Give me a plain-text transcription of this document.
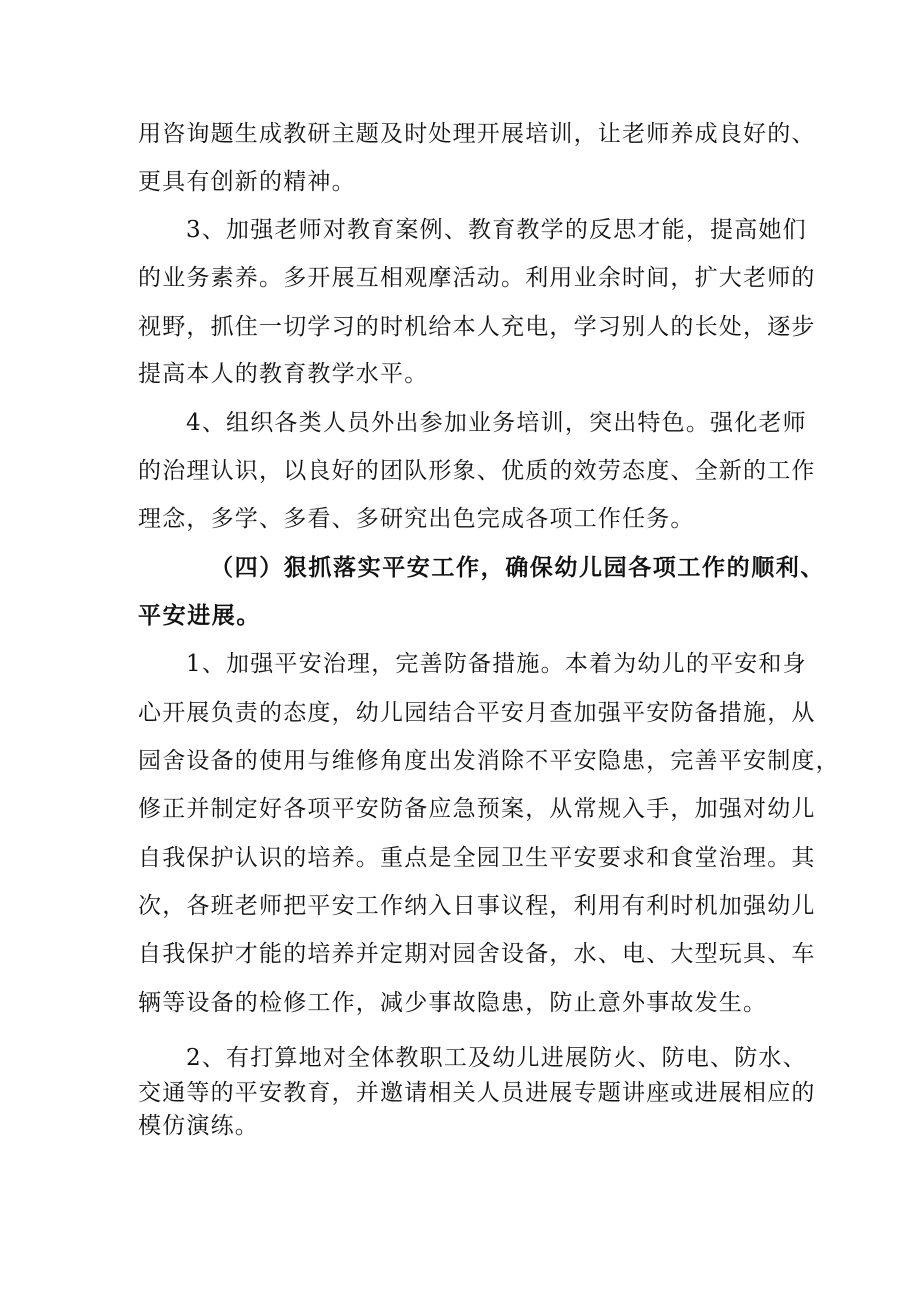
用咨询题生成教研主题及时处理开展培训，让老师养成良好的、
更具有创新的精神。
3、加强老师对教育案例、教育教学的反思才能，提高她们
的业务素养。多开展互相观摩活动。利用业余时间，扩大老师的
视野，抓住一切学习的时机给本人充电，学习别人的长处，逐步
提高本人的教育教学水平。
4、组织各类人员外出参加业务培训，突出特色。强化老师
的治理认识，以良好的团队形象、优质的效劳态度、全新的工作
理念，多学、多看、多研究出色完成各项工作任务。
（四）狠抓落实平安工作，确保幼儿园各项工作的顺利、
平安进展。
1、加强平安治理，完善防备措施。本着为幼儿的平安和身
心开展负责的态度，幼儿园结合平安月查加强平安防备措施，从
园舍设备的使用与维修角度出发消除不平安隐患，完善平安制度，
修正并制定好各项平安防备应急预案，从常规入手，加强对幼儿
自我保护认识的培养。重点是全园卫生平安要求和食堂治理。其
次，各班老师把平安工作纳入日事议程，利用有利时机加强幼儿
自我保护才能的培养并定期对园舍设备，水、电、大型玩具、车
辆等设备的检修工作，减少事故隐患，防止意外事故发生。
2、有打算地对全体教职工及幼儿进展防火、防电、防水、
交通等的平安教育，并邀请相关人员进展专题讲座或进展相应的
模仿演练。
